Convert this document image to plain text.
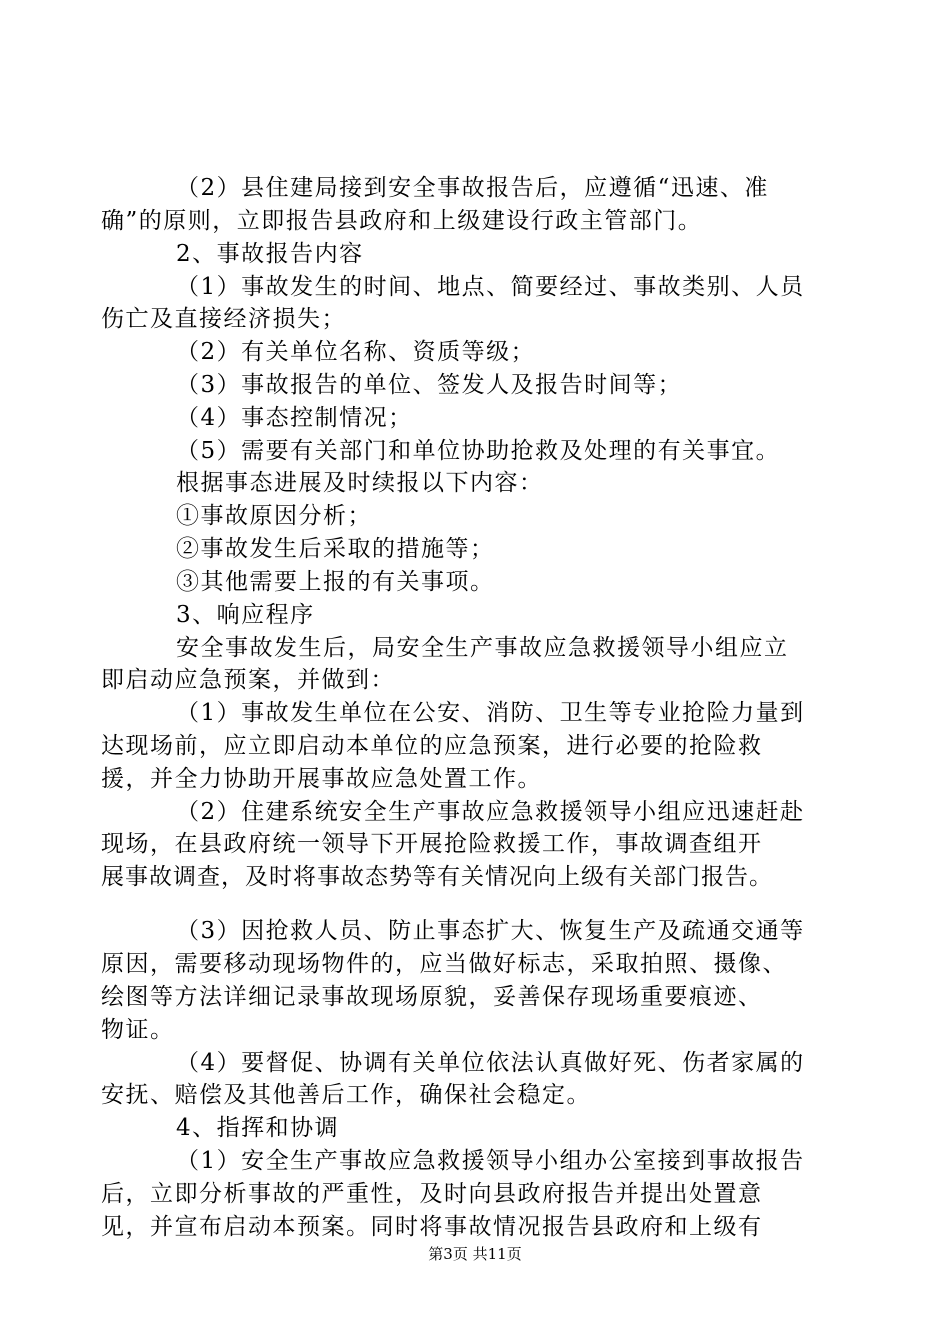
（2）县住建局接到安全事故报告后，应遵循“迅速、准
确”的原则，立即报告县政府和上级建设行政主管部门。
2、事故报告内容
（1）事故发生的时间、地点、简要经过、事故类别、人员
伤亡及直接经济损失；
（2）有关单位名称、资质等级；
（3）事故报告的单位、签发人及报告时间等；
（4）事态控制情况；
（5）需要有关部门和单位协助抢救及处理的有关事宜。
根据事态进展及时续报以下内容：
①事故原因分析；
②事故发生后采取的措施等；
③其他需要上报的有关事项。
3、响应程序
安全事故发生后，局安全生产事故应急救援领导小组应立
即启动应急预案，并做到：
（1）事故发生单位在公安、消防、卫生等专业抢险力量到
达现场前，应立即启动本单位的应急预案，进行必要的抢险救
援，并全力协助开展事故应急处置工作。
（2）住建系统安全生产事故应急救援领导小组应迅速赶赴
现场，在县政府统一领导下开展抢险救援工作，事故调查组开
展事故调查，及时将事故态势等有关情况向上级有关部门报告。
（3）因抢救人员、防止事态扩大、恢复生产及疏通交通等
原因，需要移动现场物件的，应当做好标志，采取拍照、摄像、
绘图等方法详细记录事故现场原貌，妥善保存现场重要痕迹、
物证。
（4）要督促、协调有关单位依法认真做好死、伤者家属的
安抚、赔偿及其他善后工作，确保社会稳定。
4、指挥和协调
（1）安全生产事故应急救援领导小组办公室接到事故报告
后，立即分析事故的严重性，及时向县政府报告并提出处置意
见，并宣布启动本预案。同时将事故情况报告县政府和上级有
第3页 共11页
